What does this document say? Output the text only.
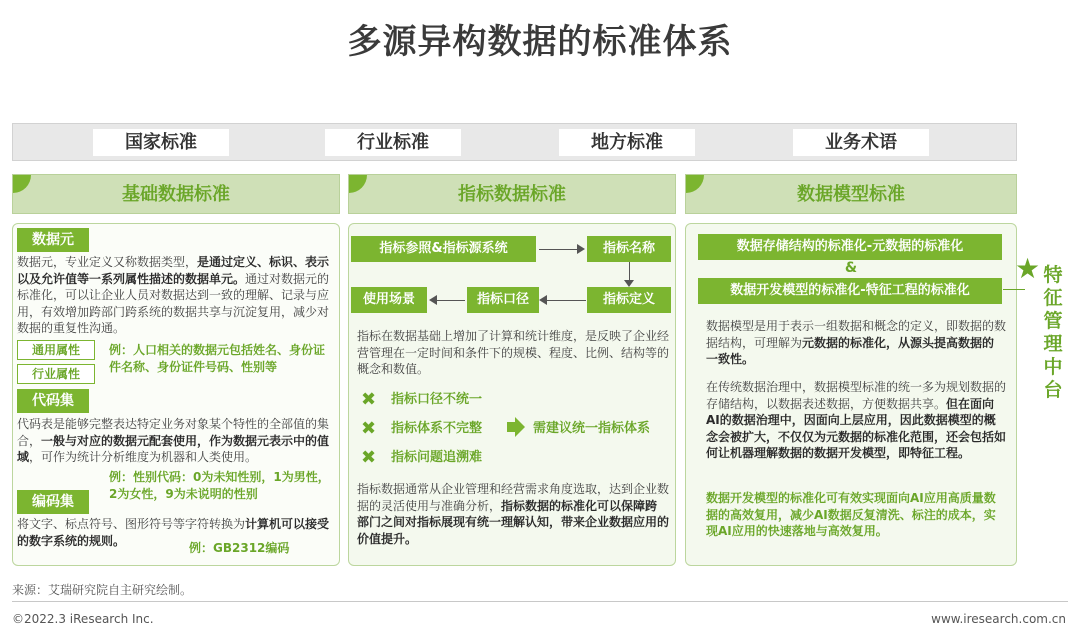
多源异构数据的标准体系
国家标准	行业标准	地方标准	业务术语
基础数据标准	指标数据标准	数据模型标准
数据元
数据元，专业定义又称数据类型，是通过定义、标识、表示以及允许值等一系列属性描述的数据单元。通过对数据元的标准化，可以让企业人员对数据达到一致的理解、记录与应用，有效增加跨部门跨系统的数据共享与沉淀复用，减少对数据的重复性沟通。
通用属性
行业属性
例：人口相关的数据元包括姓名、身份证件名称、身份证件号码、性别等
代码集
代码表是能够完整表达特定业务对象某个特性的全部值的集合，一般与对应的数据元配套使用，作为数据元表示中的值域，可作为统计分析维度为机器和人类使用。
例：性别代码：0为未知性别，1为男性，2为女性，9为未说明的性别
编码集
将文字、标点符号、图形符号等字符转换为计算机可以接受的数字系统的规则。
例：GB2312编码
指标参照&指标源系统	指标名称
指标定义
指标口径
使用场景
指标在数据基础上增加了计算和统计维度，是反映了企业经营管理在一定时间和条件下的规模、程度、比例、结构等的概念和数值。
✖ 指标口径不统一
✖ 指标体系不完整	需建议统一指标体系
✖ 指标问题追溯难
指标数据通常从企业管理和经营需求角度选取，达到企业数据的灵活使用与准确分析，指标数据的标准化可以保障跨部门之间对指标展现有统一理解认知，带来企业数据应用的价值提升。
数据存储结构的标准化-元数据的标准化
&
数据开发模型的标准化-特征工程的标准化
数据模型是用于表示一组数据和概念的定义，即数据的数据结构，可理解为元数据的标准化，从源头提高数据的一致性。
在传统数据治理中，数据模型标准的统一多为规划数据的存储结构，以数据表述数据，方便数据共享。但在面向AI的数据治理中，因面向上层应用，因此数据模型的概念会被扩大，不仅仅为元数据的标准化范围，还会包括如何让机器理解数据的数据开发模型，即特征工程。
数据开发模型的标准化可有效实现面向AI应用高质量数据的高效复用，减少AI数据反复清洗、标注的成本，实现AI应用的快速落地与高效复用。
★ 特征管理中台
来源：艾瑞研究院自主研究绘制。
©2022.3 iResearch Inc.	www.iresearch.com.cn
